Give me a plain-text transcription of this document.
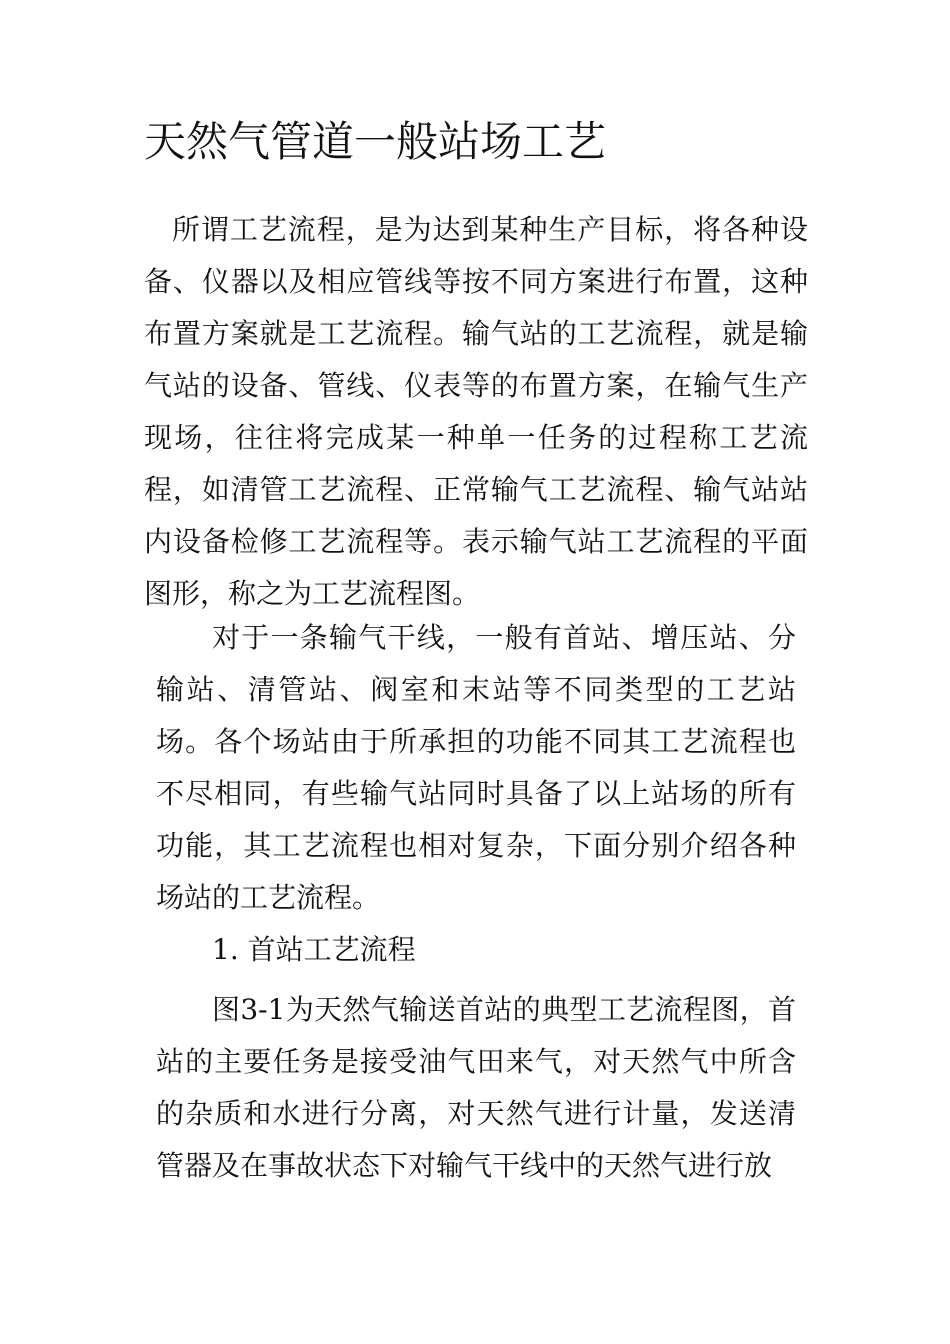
天然气管道一般站场工艺

所谓工艺流程，是为达到某种生产目标，将各种设备、仪器以及相应管线等按不同方案进行布置，这种布置方案就是工艺流程。输气站的工艺流程，就是输气站的设备、管线、仪表等的布置方案，在输气生产现场，往往将完成某一种单一任务的过程称工艺流程，如清管工艺流程、正常输气工艺流程、输气站站内设备检修工艺流程等。表示输气站工艺流程的平面图形，称之为工艺流程图。

对于一条输气干线，一般有首站、增压站、分输站、清管站、阀室和末站等不同类型的工艺站场。各个场站由于所承担的功能不同其工艺流程也不尽相同，有些输气站同时具备了以上站场的所有功能，其工艺流程也相对复杂，下面分别介绍各种场站的工艺流程。

1. 首站工艺流程

图3-1为天然气输送首站的典型工艺流程图，首站的主要任务是接受油气田来气，对天然气中所含的杂质和水进行分离，对天然气进行计量，发送清管器及在事故状态下对输气干线中的天然气进行放
